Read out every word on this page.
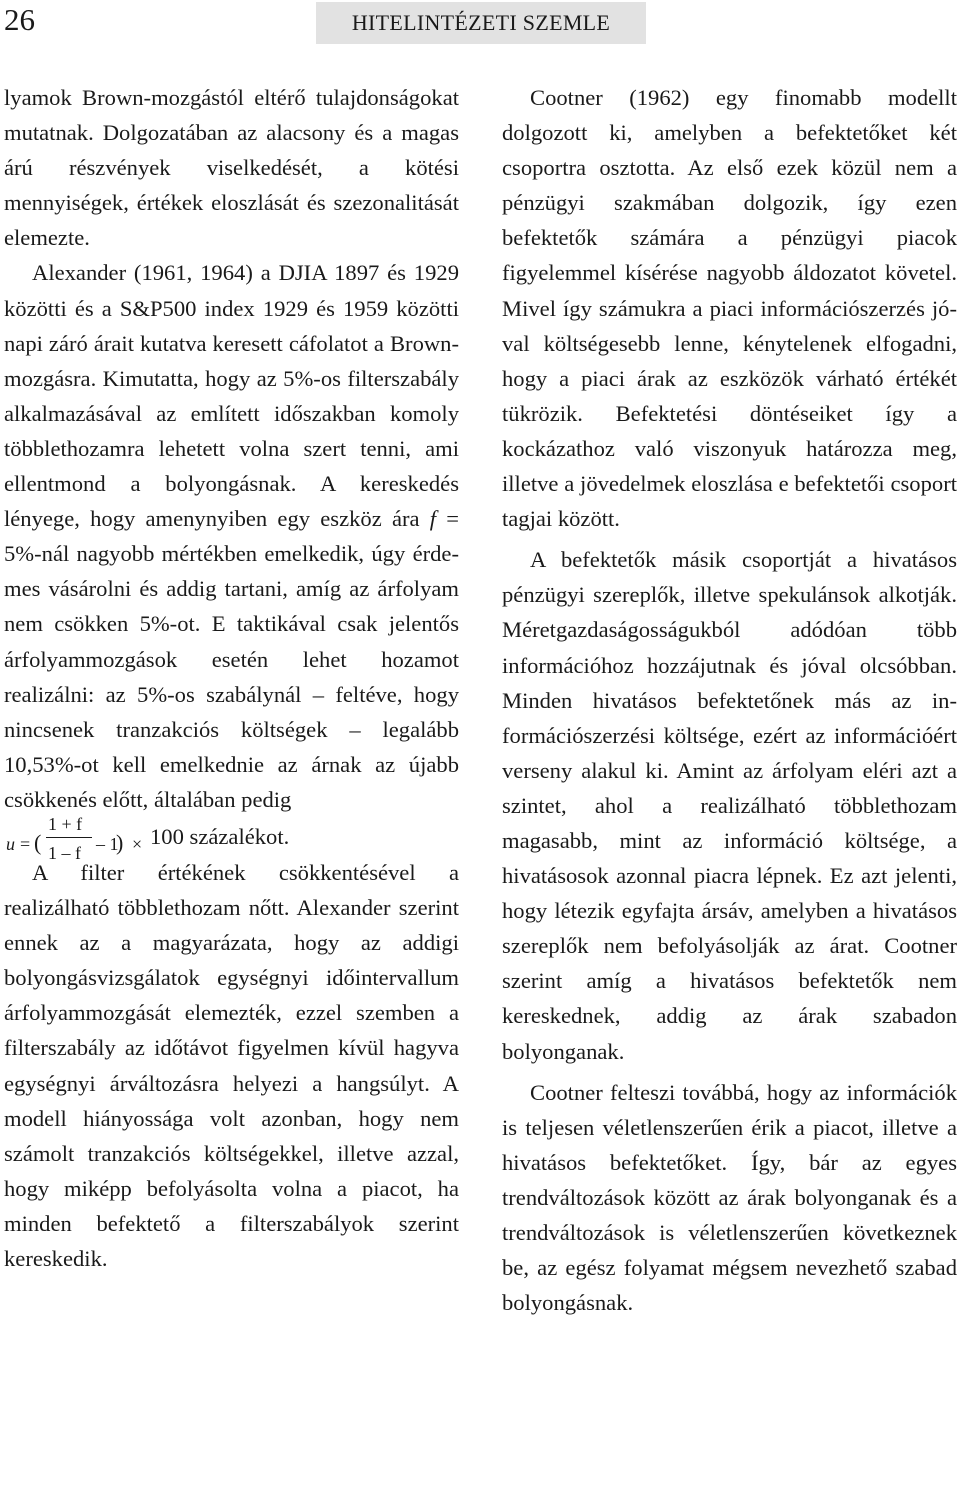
26	HITELINTÉZETI SZEMLE

lyamok Brown-mozgástól eltérő tulajdonságokat mutatnak. Dolgozatában az alacsony és a magas árú részvények viselkedését, a kötési mennyiségek, értékek eloszlását és szezonalitását elemezte.

Alexander (1961, 1964) a DJIA 1897 és 1929 közötti és a S&P500 index 1929 és 1959 közötti napi záró árait kutatva keresett cáfolatot a Brown-mozgásra. Kimutatta, hogy az 5%-os filterszabály alkalmazásával az említett időszakban komoly többlethozamra lehetett volna szert tenni, ami ellentmond a bolyongásnak. A kereskedés lényege, hogy amenynyiben egy eszköz ára f = 5%-nál nagyobb mértékben emelkedik, úgy érdemes vásárolni és addig tartani, amíg az árfolyam nem csökken 5%-ot. E taktikával csak jelentős árfolyammozgások esetén lehet hozamot realizálni: az 5%-os szabálynál – feltéve, hogy nincsenek tranzakciós költségek – legalább 10,53%-ot kell emelkednie az árnak az újabb csökkenés előtt, általában pedig

u = (
1 + f
1 – f – 1
) × 100 százalékot.

A filter értékének csökkentésével a realizálható többlethozam nőtt. Alexander szerint ennek az a magyarázata, hogy az addigi bolyongásvizsgálatok egységnyi időintervallum árfolyammozgását elemezték, ezzel szemben a filterszabály az időtávot figyelmen kívül hagyva egységnyi árváltozásra helyezi a hangsúlyt. A modell hiányossága volt azonban, hogy nem számolt tranzakciós költségekkel, illetve azzal, hogy miképp befolyásolta volna a piacot, ha minden befektető a filterszabályok szerint kereskedik.

Cootner (1962) egy finomabb modellt dolgozott ki, amelyben a befektetőket két csoportra osztotta. Az első ezek közül nem a pénzügyi szakmában dolgozik, így ezen befektetők számára a pénzügyi piacok figyelemmel kísérése nagyobb áldozatot követel. Mivel így számukra a piaci információszerzés jóval költségesebb lenne, kénytelenek elfogadni, hogy a piaci árak az eszközök várható értékét tükrözik. Befektetési döntéseiket így a kockázathoz való viszonyuk határozza meg, illetve a jövedelmek eloszlása e befektetői csoport tagjai között.

A befektetők másik csoportját a hivatásos pénzügyi szereplők, illetve spekulánsok alkotják. Méretgazdaságosságukból adódóan több információhoz hozzájutnak és jóval olcsóbban. Minden hivatásos befektetőnek más az információszerzési költsége, ezért az információért verseny alakul ki. Amint az árfolyam eléri azt a szintet, ahol a realizálható többlethozam magasabb, mint az információ költsége, a hivatásosok azonnal piacra lépnek. Ez azt jelenti, hogy létezik egyfajta ársáv, amelyben a hivatásos szereplők nem befolyásolják az árat. Cootner szerint amíg a hivatásos befektetők nem kereskednek, addig az árak szabadon bolyonganak.

Cootner felteszi továbbá, hogy az információk is teljesen véletlenszerűen érik a piacot, illetve a hivatásos befektetőket. Így, bár az egyes trendváltozások között az árak bolyonganak és a trendváltozások is véletlenszerűen következnek be, az egész folyamat mégsem nevezhető szabad bolyongásnak.
